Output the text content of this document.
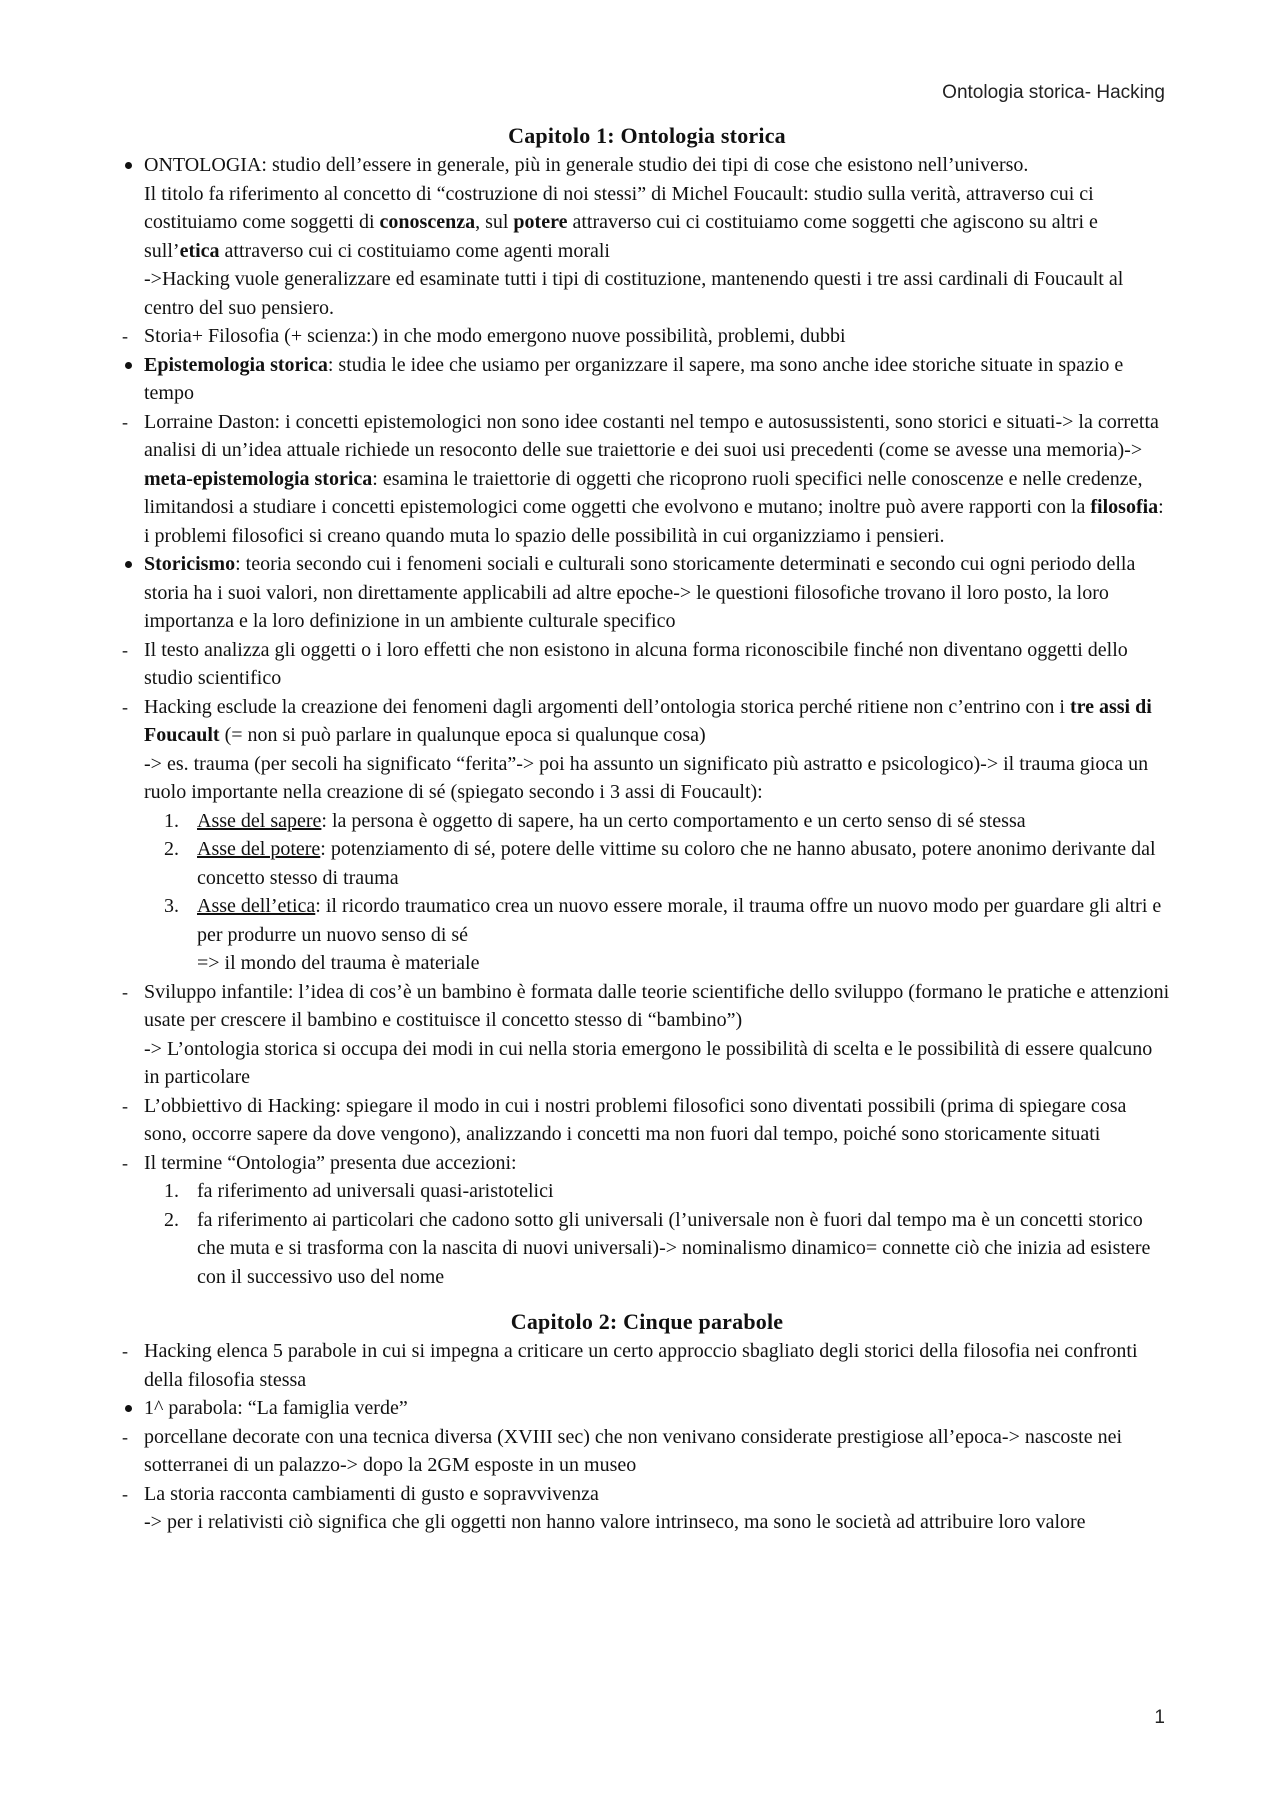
Ontologia storica- Hacking
Capitolo 1: Ontologia storica
ONTOLOGIA: studio dell’essere in generale, più in generale studio dei tipi di cose che esistono nell’universo.

Il titolo fa riferimento al concetto di “costruzione di noi stessi” di Michel Foucault: studio sulla verità, attraverso cui ci costituiamo come soggetti di conoscenza, sul potere attraverso cui ci costituiamo come soggetti che agiscono su altri e sull’etica attraverso cui ci costituiamo come agenti morali

->Hacking vuole generalizzare ed esaminate tutti i tipi di costituzione, mantenendo questi i tre assi cardinali di Foucault al centro del suo pensiero.

- Storia+ Filosofia (+ scienza:) in che modo emergono nuove possibilità, problemi, dubbi
Epistemologia storica: studia le idee che usiamo per organizzare il sapere, ma sono anche idee storiche situate in spazio e tempo
- Lorraine Daston: i concetti epistemologici non sono idee costanti nel tempo e autosussistenti, sono storici e situati-> la corretta analisi di un’idea attuale richiede un resoconto delle sue traiettorie e dei suoi usi precedenti (come se avesse una memoria)-> meta-epistemologia storica: esamina le traiettorie di oggetti che ricoprono ruoli specifici nelle conoscenze e nelle credenze, limitandosi a studiare i concetti epistemologici come oggetti che evolvono e mutano; inoltre può avere rapporti con la filosofia: i problemi filosofici si creano quando muta lo spazio delle possibilità in cui organizziamo i pensieri.
Storicismo: teoria secondo cui i fenomeni sociali e culturali sono storicamente determinati e secondo cui ogni periodo della storia ha i suoi valori, non direttamente applicabili ad altre epoche-> le questioni filosofiche trovano il loro posto, la loro importanza e la loro definizione in un ambiente culturale specifico
- Il testo analizza gli oggetti o i loro effetti che non esistono in alcuna forma riconoscibile finché non diventano oggetti dello studio scientifico
- Hacking esclude la creazione dei fenomeni dagli argomenti dell’ontologia storica perché ritiene non c’entrino con i tre assi di Foucault (= non si può parlare in qualunque epoca si qualunque cosa)

-> es. trauma (per secoli ha significato “ferita”-> poi ha assunto un significato più astratto e psicologico)-> il trauma gioca un ruolo importante nella creazione di sé (spiegato secondo i 3 assi di Foucault):

1. Asse del sapere: la persona è oggetto di sapere, ha un certo comportamento e un certo senso di sé stessa
2. Asse del potere: potenziamento di sé, potere delle vittime su coloro che ne hanno abusato, potere anonimo derivante dal concetto stesso di trauma
3. Asse dell’etica: il ricordo traumatico crea un nuovo essere morale, il trauma offre un nuovo modo per guardare gli altri e per produrre un nuovo senso di sé

=> il mondo del trauma è materiale

- Sviluppo infantile: l’idea di cos’è un bambino è formata dalle teorie scientifiche dello sviluppo (formano le pratiche e attenzioni usate per crescere il bambino e costituisce il concetto stesso di “bambino”)

-> L’ontologia storica si occupa dei modi in cui nella storia emergono le possibilità di scelta e le possibilità di essere qualcuno in particolare

- L’obbiettivo di Hacking: spiegare il modo in cui i nostri problemi filosofici sono diventati possibili (prima di spiegare cosa sono, occorre sapere da dove vengono), analizzando i concetti ma non fuori dal tempo, poiché sono storicamente situati
- Il termine “Ontologia” presenta due accezioni:
1. fa riferimento ad universali quasi-aristotelici
2. fa riferimento ai particolari che cadono sotto gli universali (l’universale non è fuori dal tempo ma è un concetti storico che muta e si trasforma con la nascita di nuovi universali)-> nominalismo dinamico= connette ciò che inizia ad esistere con il successivo uso del nome
Capitolo 2: Cinque parabole
- Hacking elenca 5 parabole in cui si impegna a criticare un certo approccio sbagliato degli storici della filosofia nei confronti della filosofia stessa
1^ parabola: “La famiglia verde”
- porcellane decorate con una tecnica diversa (XVIII sec) che non venivano considerate prestigiose all’epoca-> nascoste nei sotterranei di un palazzo-> dopo la 2GM esposte in un museo
- La storia racconta cambiamenti di gusto e sopravvivenza

-> per i relativisti ciò significa che gli oggetti non hanno valore intrinseco, ma sono le società ad attribuire loro valore

1
